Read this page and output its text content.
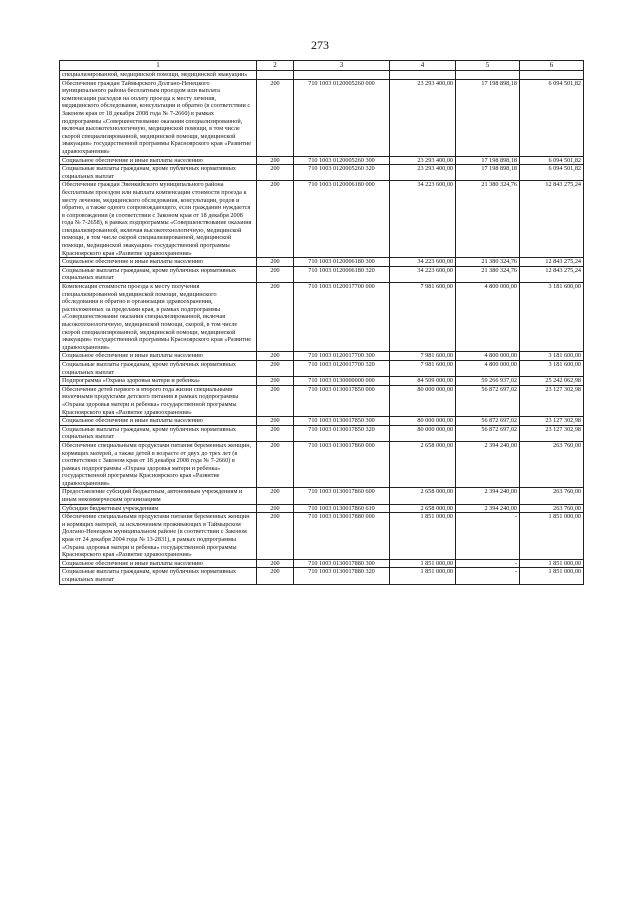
273
1	2	3	4	5	6
специализированной, медицинской помощи, медицинской эвакуации»					
Обеспечение граждан Таймырского Долгано-Ненецкого муниципального района бесплатным проездом или выплата компенсации расходов на оплату проезда к месту лечения, медицинского обследования, консультации и обратно (в соответствии с Законом края от 18 декабря 2008 года № 7-2660) в рамках подпрограммы «Совершенствование оказания специализированной, включая высокотехнологичную, медицинской помощи, в том числе скорой специализированной, медицинской помощи, медицинской эвакуации» государственной программы Красноярского края «Развитие здравоохранения»	200	710 1003 0120005260 000	23 293 400,00	17 198 898,18	6 094 501,82
Социальное обеспечение и иные выплаты населению	200	710 1003 0120005260 300	23 293 400,00	17 198 898,18	6 094 501,82
Социальные выплаты гражданам, кроме публичных нормативных социальных выплат	200	710 1003 0120005260 320	23 293 400,00	17 198 898,18	6 094 501,82
Обеспечение граждан Эвенкийского муниципального района бесплатным проездом или выплата компенсации стоимости проезда к месту лечения, медицинского обследования, консультации, родов и обратно, а также одного сопровождающего, если гражданин нуждается в сопровождении (в соответствии с Законом края от 18 декабря 2008 года № 7-2658), в рамках подпрограммы «Совершенствование оказания специализированной, включая высокотехнологичную, медицинской помощи, в том числе скорой специализированной, медицинской помощи, медицинской эвакуации» государственной программы Красноярского края «Развитие здравоохранения»	200	710 1003 0120006180 000	34 223 600,00	21 380 324,76	12 843 275,24
Социальное обеспечение и иные выплаты населению	200	710 1003 0120006180 300	34 223 600,00	21 380 324,76	12 843 275,24
Социальные выплаты гражданам, кроме публичных нормативных социальных выплат	200	710 1003 0120006180 320	34 223 600,00	21 380 324,76	12 843 275,24
Компенсация стоимости проезда к месту получения специализированной медицинской помощи, медицинского обследования и обратно в организации здравоохранения, расположенных за пределами края, в рамках подпрограммы «Совершенствование оказания специализированной, включая высокотехнологичную, медицинской помощи, скорой, в том числе скорой специализированной, медицинской помощи, медицинской эвакуации» государственной программы Красноярского края «Развитие здравоохранения»	200	710 1003 0120017700 000	7 981 600,00	4 800 000,00	3 181 600,00
Социальное обеспечение и иные выплаты населению	200	710 1003 0120017700 300	7 981 600,00	4 800 000,00	3 181 600,00
Социальные выплаты гражданам, кроме публичных нормативных социальных выплат	200	710 1003 0120017700 320	7 981 600,00	4 800 000,00	3 181 600,00
Подпрограмма «Охрана здоровья матери и ребенка»	200	710 1003 0130000000 000	84 509 000,00	59 266 937,02	25 242 062,98
Обеспечение детей первого и второго года жизни специальными молочными продуктами детского питания в рамках подпрограммы «Охрана здоровья матери и ребенка» государственной программы Красноярского края «Развитие здравоохранения»	200	710 1003 0130017850 000	80 000 000,00	56 872 697,02	23 127 302,98
Социальное обеспечение и иные выплаты населению	200	710 1003 0130017850 300	80 000 000,00	56 872 697,02	23 127 302,98
Социальные выплаты гражданам, кроме публичных нормативных социальных выплат	200	710 1003 0130017850 320	80 000 000,00	56 872 697,02	23 127 302,98
Обеспечение специальными продуктами питания беременных женщин, кормящих матерей, а также детей в возрасте от двух до трех лет (в соответствии с Законом края от 18 декабря 2008 года № 7-2660) в рамках подпрограммы «Охрана здоровья матери и ребенка» государственной программы Красноярского края «Развитие здравоохранения»	200	710 1003 0130017860 000	2 658 000,00	2 394 240,00	263 760,00
Предоставление субсидий бюджетным, автономным учреждениям и иным некоммерческим организациям	200	710 1003 0130017860 600	2 658 000,00	2 394 240,00	263 760,00
Субсидии бюджетным учреждениям	200	710 1003 0130017860 610	2 658 000,00	2 394 240,00	263 760,00
Обеспечение специальными продуктами питания беременных женщин и кормящих матерей, за исключением проживающих в Таймырском Долгано-Ненецком муниципальном районе (в соответствии с Законом края от 24 декабря 2004 года № 13-2831), в рамках подпрограммы «Охрана здоровья матери и ребенка» государственной программы Красноярского края «Развитие здравоохранения»	200	710 1003 0130017880 000	1 851 000,00	-	1 851 000,00
Социальное обеспечение и иные выплаты населению	200	710 1003 0130017880 300	1 851 000,00	-	1 851 000,00
Социальные выплаты гражданам, кроме публичных нормативных социальных выплат	200	710 1003 0130017880 320	1 851 000,00	-	1 851 000,00
